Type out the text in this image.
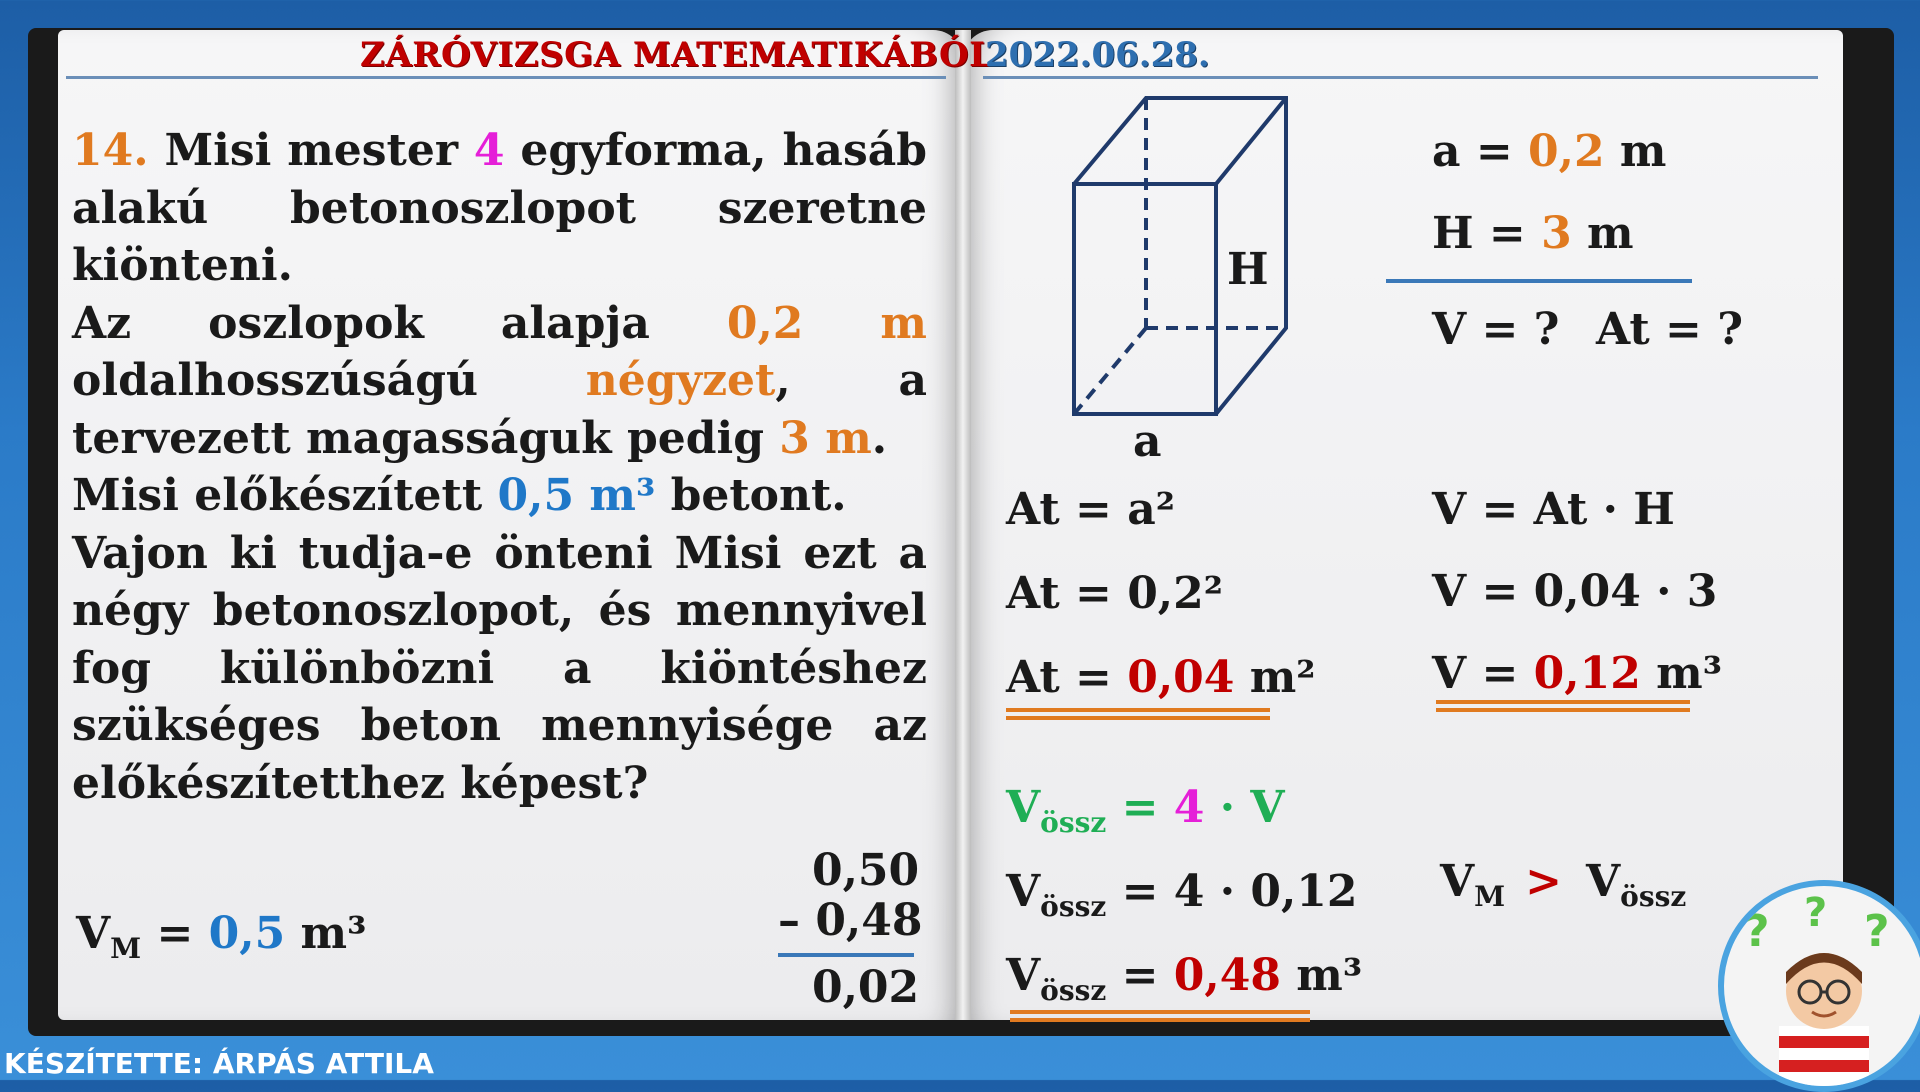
ZÁRÓVIZSGA MATEMATIKÁBÓL
2022.06.28.

14. Misi mester 4 egyforma, hasáb alakú betonoszlopot szeretne kiönteni.

Az oszlopok alapja 0,2 m oldalhosszúságú négyzet, a tervezett magasságuk pedig 3 m.

Misi előkészített 0,5 m³ betont.

Vajon ki tudja-e önteni Misi ezt a négy betonoszlopot, és mennyivel fog különbözni a kiöntéshez szükséges beton mennyisége az előkészítetthez képest?

$V_M = 0,5$ m³
0,50
– 0,48
0,02
H
a
a = 0,2 m
H = 3 m
V = ? At = ?
At = a²
At = 0,2²
At = 0,04 m²
V = At · H
V = 0,04 · 3
V = 0,12 m³
$V_{össz} = 4 \cdot V$
$V_{össz} = 4 \cdot 0,12$
$V_{össz} = 0,48$ m³
$V_M > V_{össz}$
? ? ?
KÉSZÍTETTE: ÁRPÁS ATTILA
